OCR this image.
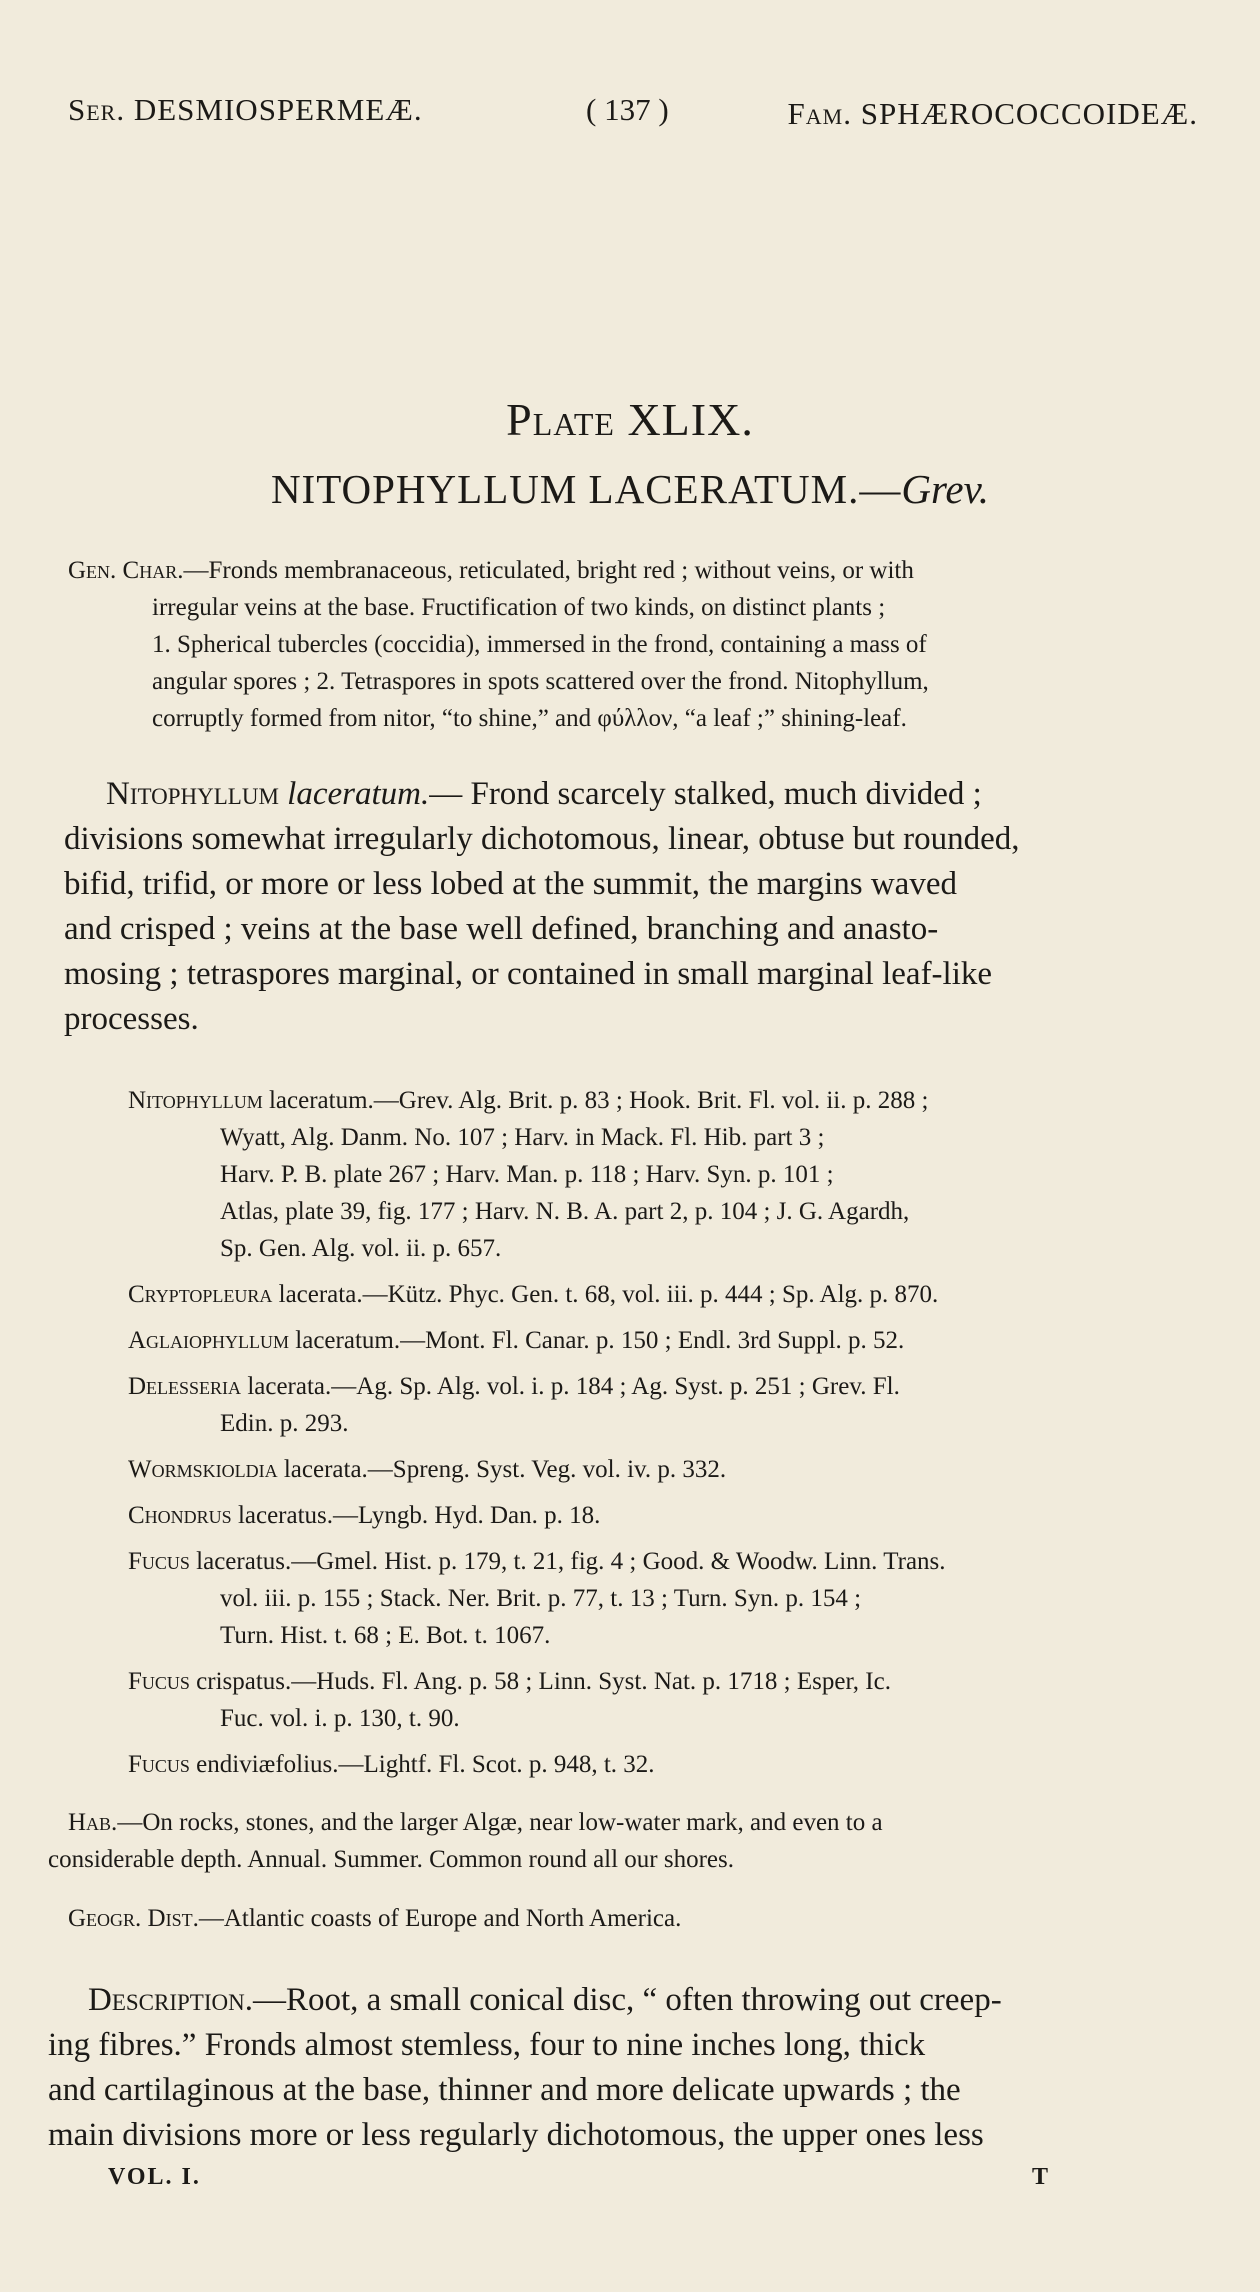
Ser. DESMIOSPERMEÆ.	( 137 )	Fam. SPHÆROCOCCOIDEÆ.
Plate XLIX.
NITOPHYLLUM LACERATUM.—Grev.
Gen. Char.—Fronds membranaceous, reticulated, bright red ; without veins, or with
irregular veins at the base. Fructification of two kinds, on distinct plants ;
1. Spherical tubercles (coccidia), immersed in the frond, containing a mass of
angular spores ; 2. Tetraspores in spots scattered over the frond. Nitophyllum,
corruptly formed from nitor, “to shine,” and φύλλον, “a leaf ;” shining-leaf.
Nitophyllum laceratum.— Frond scarcely stalked, much divided ;
divisions somewhat irregularly dichotomous, linear, obtuse but rounded,
bifid, trifid, or more or less lobed at the summit, the margins waved
and crisped ; veins at the base well defined, branching and anasto-
mosing ; tetraspores marginal, or contained in small marginal leaf-like
processes.
Nitophyllum laceratum.—Grev. Alg. Brit. p. 83 ; Hook. Brit. Fl. vol. ii. p. 288 ;
Wyatt, Alg. Danm. No. 107 ; Harv. in Mack. Fl. Hib. part 3 ;
Harv. P. B. plate 267 ; Harv. Man. p. 118 ; Harv. Syn. p. 101 ;
Atlas, plate 39, fig. 177 ; Harv. N. B. A. part 2, p. 104 ; J. G. Agardh,
Sp. Gen. Alg. vol. ii. p. 657.
Cryptopleura lacerata.—Kütz. Phyc. Gen. t. 68, vol. iii. p. 444 ; Sp. Alg. p. 870.
Aglaiophyllum laceratum.—Mont. Fl. Canar. p. 150 ; Endl. 3rd Suppl. p. 52.
Delesseria lacerata.—Ag. Sp. Alg. vol. i. p. 184 ; Ag. Syst. p. 251 ; Grev. Fl.
Edin. p. 293.
Wormskioldia lacerata.—Spreng. Syst. Veg. vol. iv. p. 332.
Chondrus laceratus.—Lyngb. Hyd. Dan. p. 18.
Fucus laceratus.—Gmel. Hist. p. 179, t. 21, fig. 4 ; Good. & Woodw. Linn. Trans.
vol. iii. p. 155 ; Stack. Ner. Brit. p. 77, t. 13 ; Turn. Syn. p. 154 ;
Turn. Hist. t. 68 ; E. Bot. t. 1067.
Fucus crispatus.—Huds. Fl. Ang. p. 58 ; Linn. Syst. Nat. p. 1718 ; Esper, Ic.
Fuc. vol. i. p. 130, t. 90.
Fucus endiviæfolius.—Lightf. Fl. Scot. p. 948, t. 32.
Hab.—On rocks, stones, and the larger Algæ, near low-water mark, and even to a
considerable depth. Annual. Summer. Common round all our shores.
Geogr. Dist.—Atlantic coasts of Europe and North America.
Description.—Root, a small conical disc, “ often throwing out creep-
ing fibres.” Fronds almost stemless, four to nine inches long, thick
and cartilaginous at the base, thinner and more delicate upwards ; the
main divisions more or less regularly dichotomous, the upper ones less
VOL. I.	T
